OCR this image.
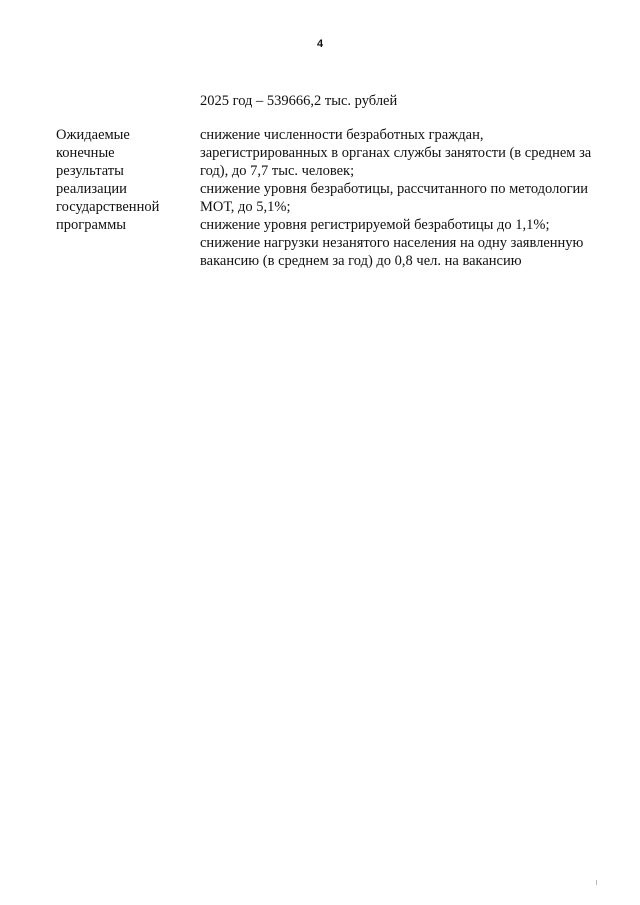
4
2025 год – 539666,2 тыс. рублей
Ожидаемые
конечные
результаты
реализации
государственной
программы

снижение численности безработных граждан, зарегистрированных в органах службы занятости (в среднем за год), до 7,7 тыс. человек;

снижение уровня безработицы, рассчитанного по методологии МОТ, до 5,1%;

снижение уровня регистрируемой безработицы до 1,1%;

снижение нагрузки незанятого населения на одну заявленную вакансию (в среднем за год) до 0,8 чел. на вакансию
